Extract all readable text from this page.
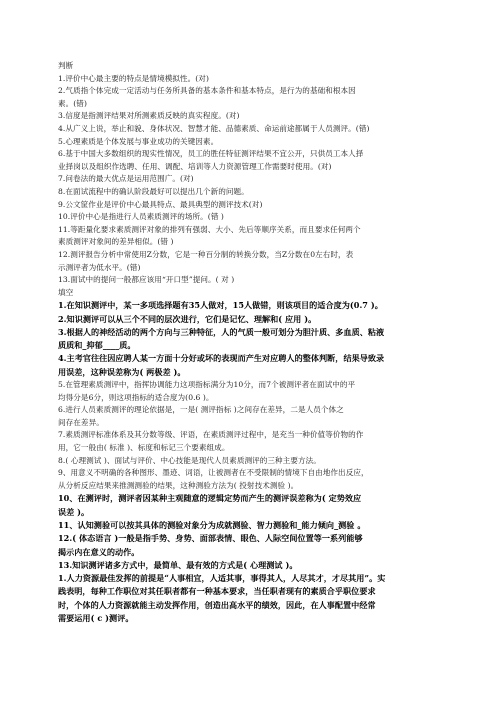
判断
1.评价中心最主要的特点是情境模拟性。(对)
2.气质指个体完成一定活动与任务所具备的基本条件和基本特点，是行为的基础和根本因
素。(错)
3.信度是指测评结果对所测素质反映的真实程度。(对)
4.从广义上说，举止和貌、身体状况、智慧才能、品德素质、命运前途都属于人员测评。(错)
5.心理素质是个体发展与事业成功的关键因素。
6.基于中国大多数组织的现实性情况，员工的胜任特征测评结果不宜公开，只供员工本人择
业择岗以及组织作选聘、任用、调配、培训等人力资源管理工作需要时使用。(对)
7.问卷法的最大优点是运用范围广。(对)
8.在面试流程中的确认阶段最好可以提出几个新的问题。
9.公文筐作业是评价中心最具特点、最具典型的测评技术(对)
10.评价中心是指进行人员素质测评的场所。(错 )
11.等距量化要求素质测评对象的排列有强弱、大小、先后等顺序关系，而且要求任何两个
素质测评对象间的差异相似。(错 )
12.测评报告分析中常使用Z分数，它是一种百分制的转换分数，当Z分数在0左右时，表
示测评者为低水平。(错)
13.面试中的提问一般都应该用“开口型”提问。( 对 )
填空
1.在知识测评中，某一多项选择题有35人做对，15人做错，则该项目的适合度为(0.7 )。
2.知识测评可以从三个不同的层次进行，它们是记忆、理解和( 应用 )。
3.根据人的神经活动的两个方向与三种特征，人的气质一般可划分为胆汁质、多血质、粘液
质质和_抑郁____质。
4.主考官往往因应聘人某一方面十分好或坏的表现而产生对应聘人的整体判断，结果导致录
用误差，这种误差称为( 两极差 )。
5.在管理素质测评中，指挥协调能力这项指标满分为10分，而7个被测评者在面试中的平
均得分是6分，则这项指标的适合度为(0.6 )。
6.进行人员素质测评的理论依据是，一是( 测评指标 )之间存在差异，二是人员个体之
间存在差异。
7.素质测评标准体系及其分数等级、评语，在素质测评过程中，是充当一种价值等价物的作
用，它一般由( 标准 )、标度和标记三个要素组成。
8.( 心理测试 )、面试与评价、中心技能是现代人员素质测评的三种主要方法。
9、用意义不明确的各种图形、墨迹、词语，让被测者在不受限制的情境下自由地作出反应，
从分析反应结果来推测测验的结果，这种测验方法为( 投射技术测验 )。
10、在测评时，测评者因某种主观随意的逻辑定势而产生的测评误差称为( 定势效应
误差 )。
11、认知测验可以按其具体的测验对象分为成就测验、智力测验和_能力倾向_测验 。
12.( 体态语言 )一般是指手势、身势、面部表情、眼色、人际空间位置等一系列能够
揭示内在意义的动作。
13.知识测评诸多方式中，最简单、最有效的方式是( 心理测试 )。
1.人力资源最佳发挥的前提是“人事相宜，人适其事，事得其人，人尽其才，才尽其用”。实
践表明，每种工作职位对其任职者都有一种基本要求，当任职者现有的素质合乎职位要求
时，个体的人力资源就能主动发挥作用，创造出高水平的绩效，因此，在人事配置中经常
需要运用( c )测评。
